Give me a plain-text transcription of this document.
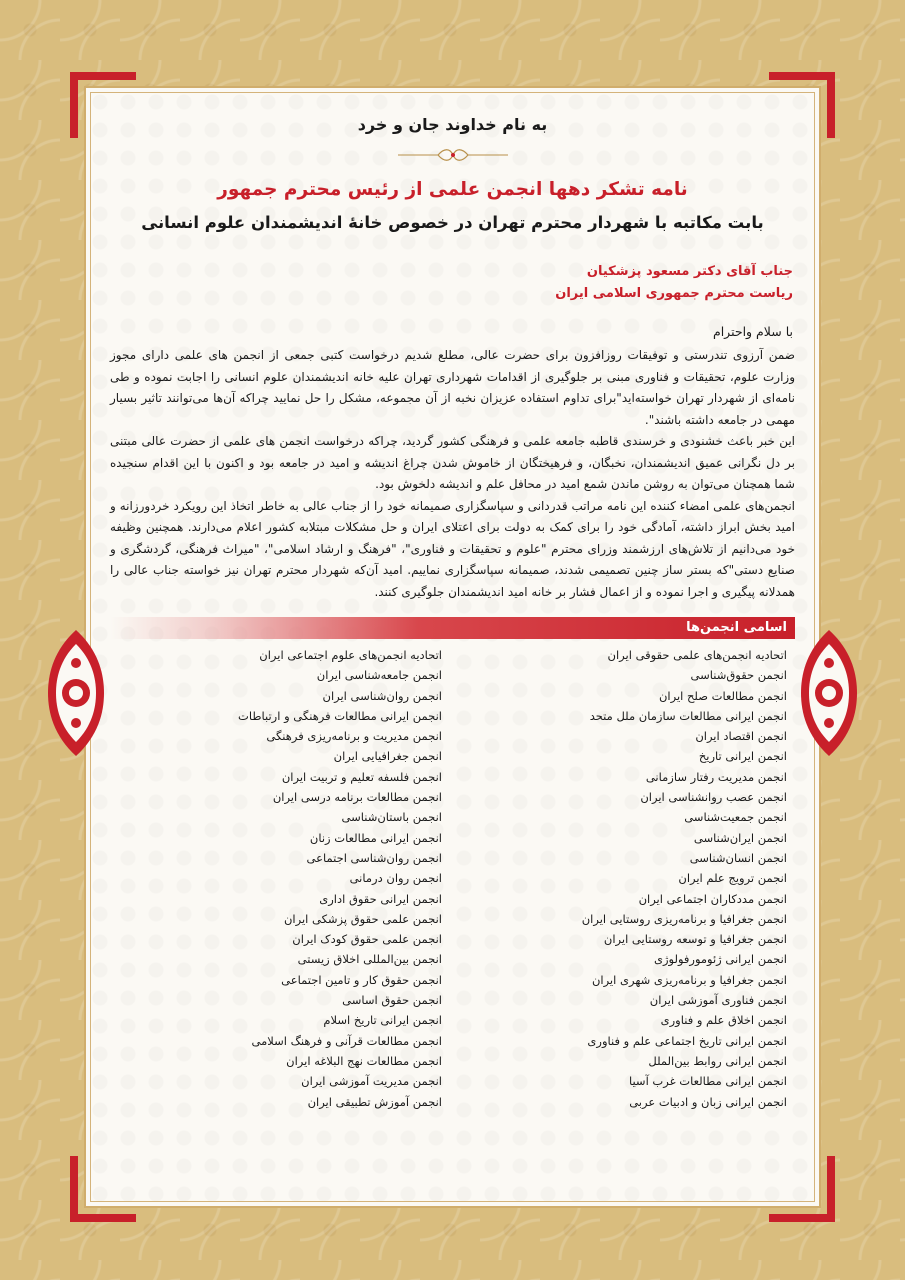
به نام خداوند جان و خرد
نامه تشکر دهها انجمن علمی از رئیس محترم جمهور
بابت مکاتبه با شهردار محترم تهران در خصوص خانۀ اندیشمندان علوم انسانی
جناب آقای دکتر مسعود پزشکیان
ریاست محترم جمهوری اسلامی ایران
با سلام واحترام

ضمن آرزوی تندرستی و توفیقات روزافزون برای حضرت عالی، مطلع شدیم درخواست کتبی جمعی از انجمن های علمی دارای مجوز وزارت علوم، تحقیقات و فناوری مبنی بر جلوگیری از اقدامات شهرداری تهران علیه خانه اندیشمندان علوم انسانی را اجابت نموده و طی نامه‌ای از شهردار تهران خواسته‌اید"برای تداوم استفاده عزیزان نخبه از آن مجموعه، مشکل را حل نمایید چراکه آن‌ها می‌توانند تاثیر بسیار مهمی در جامعه داشته باشند".

این خبر باعث خشنودی و خرسندی قاطبه جامعه علمی و فرهنگی کشور گردید، چراکه درخواست انجمن های علمی از حضرت عالی مبتنی بر دل نگرانی عمیق اندیشمندان، نخبگان، و فرهیختگان از خاموش شدن چراغ اندیشه و امید در جامعه بود و اکنون با این اقدام سنجیده شما همچنان می‌توان به روشن ماندن شمع امید در محافل علم و اندیشه دلخوش بود.

انجمن‌های علمی امضاء کننده این نامه مراتب قدردانی و سپاسگزاری صمیمانه خود را از جناب عالی به خاطر اتخاذ این رویکرد خردورزانه و امید بخش ابراز داشته، آمادگی خود را برای کمک به دولت برای اعتلای ایران و حل مشکلات مبتلابه کشور اعلام می‌دارند. همچنین وظیفه خود می‌دانیم از تلاش‌های ارزشمند وزرای محترم "علوم و تحقیقات و فناوری"، "فرهنگ و ارشاد اسلامی"، "میراث فرهنگی، گردشگری و صنایع دستی"که بستر ساز چنین تصمیمی شدند، صمیمانه سپاسگزاری نماییم. امید آن‌که شهردار محترم تهران نیز خواسته جناب عالی را همدلانه پیگیری و اجرا نموده و از اعمال فشار بر خانه امید اندیشمندان جلوگیری کنند.

اسامی انجمن‌ها
اتحادیه انجمن‌های علمی حقوقی ایران
انجمن حقوق‌شناسی
انجمن مطالعات صلح ایران
انجمن ایرانی مطالعات سازمان ملل متحد
انجمن اقتصاد ایران
انجمن ایرانی تاریخ
انجمن مدیریت رفتار سازمانی
انجمن عصب روانشناسی ایران
انجمن جمعیت‌شناسی
انجمن ایران‌شناسی
انجمن انسان‌شناسی
انجمن ترویج علم ایران
انجمن مددکاران اجتماعی ایران
انجمن جغرافیا و برنامه‌ریزی روستایی ایران
انجمن جغرافیا و توسعه روستایی ایران
انجمن ایرانی ژئومورفولوژی
انجمن جغرافیا و برنامه‌ریزی شهری ایران
انجمن فناوری آموزشی ایران
انجمن اخلاق علم و فناوری
انجمن ایرانی تاریخ اجتماعی علم و فناوری
انجمن ایرانی روابط بین‌الملل
انجمن ایرانی مطالعات غرب آسیا
انجمن ایرانی زبان و ادبیات عربی
اتحادیه انجمن‌های علوم اجتماعی ایران
انجمن جامعه‌شناسی ایران
انجمن روان‌شناسی ایران
انجمن ایرانی مطالعات فرهنگی و ارتباطات
انجمن مدیریت و برنامه‌ریزی فرهنگی
انجمن جغرافیایی ایران
انجمن فلسفه تعلیم و تربیت ایران
انجمن مطالعات برنامه درسی ایران
انجمن باستان‌شناسی
انجمن ایرانی مطالعات زنان
انجمن روان‌شناسی اجتماعی
انجمن روان درمانی
انجمن ایرانی حقوق اداری
انجمن علمی حقوق پزشکی ایران
انجمن علمی حقوق کودک ایران
انجمن بین‌المللی اخلاق زیستی
انجمن حقوق کار و تامین اجتماعی
انجمن حقوق اساسی
انجمن ایرانی تاریخ اسلام
انجمن مطالعات قرآنی و فرهنگ اسلامی
انجمن مطالعات نهج البلاغه ایران
انجمن مدیریت آموزشی ایران
انجمن آموزش تطبیقی ایران
